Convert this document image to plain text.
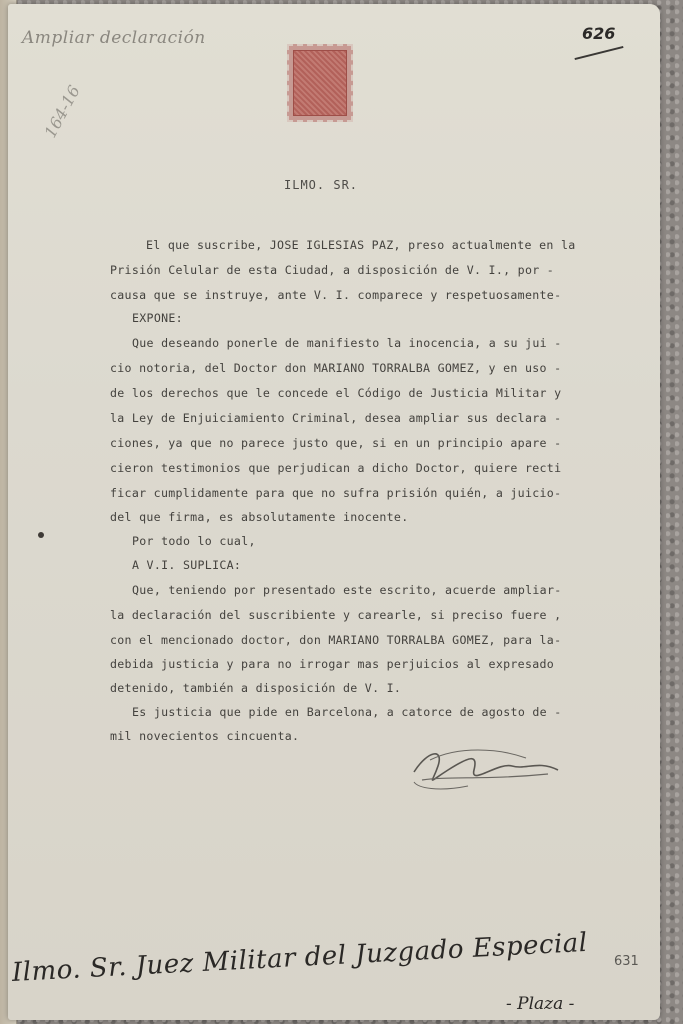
Ampliar declaración
164-16
626
ILMO. SR.
El que suscribe, JOSE IGLESIAS PAZ, preso actualmente en la
Prisión Celular de esta Ciudad, a disposición de V. I., por -
causa que se instruye, ante V. I. comparece y respetuosamente-
EXPONE:
Que deseando ponerle de manifiesto la inocencia, a su jui -
cio notoria, del Doctor don MARIANO TORRALBA GOMEZ, y en uso -
de los derechos que le concede el Código de Justicia Militar y
la Ley de Enjuiciamiento Criminal, desea ampliar sus declara -
ciones, ya que no parece justo que, si en un principio apare -
cieron testimonios que perjudican a dicho Doctor, quiere recti
ficar cumplidamente para que no sufra prisión quién, a juicio-
del que firma, es absolutamente inocente.
Por todo lo cual,
A V.I. SUPLICA:
Que, teniendo por presentado este escrito, acuerde ampliar-
la declaración del suscribiente y carearle, si preciso fuere ,
con el mencionado doctor, don MARIANO TORRALBA GOMEZ, para la-
debida justicia y para no irrogar mas perjuicios al expresado
detenido, también a disposición de V. I.
Es justicia que pide en Barcelona, a catorce de agosto de -
mil novecientos cincuenta.
631
Ilmo. Sr. Juez Militar del Juzgado Especial
- Plaza -
